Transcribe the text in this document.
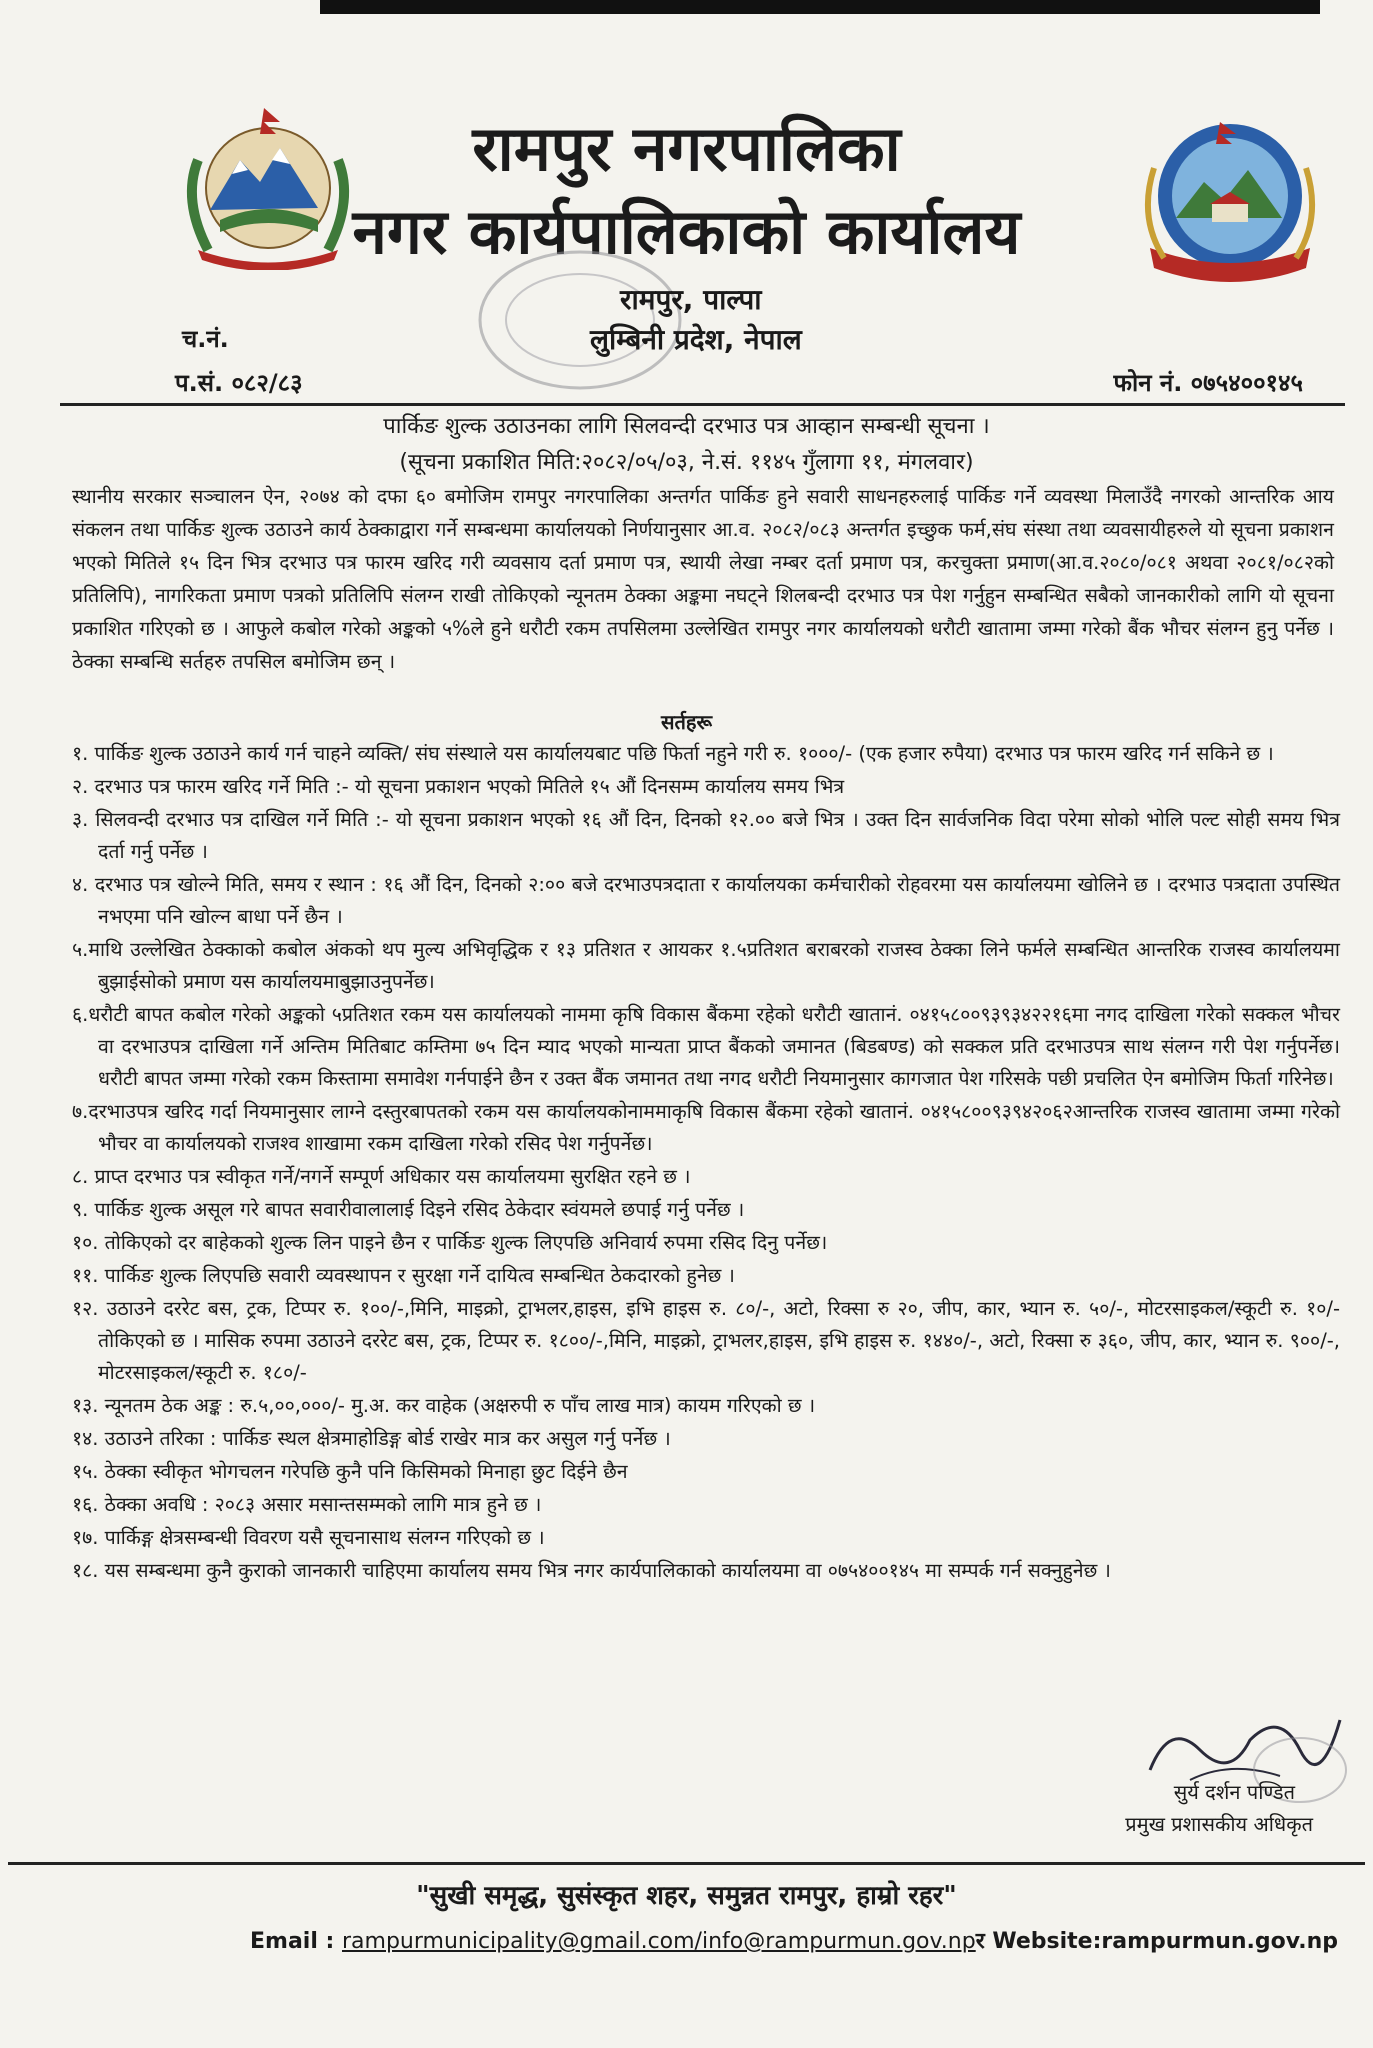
रामपुर नगरपालिका
नगर कार्यपालिकाको कार्यालय
रामपुर, पाल्पा
लुम्बिनी प्रदेश, नेपाल
च.नं.
प.सं. ०८२/८३	फोन नं. ०७५४००१४५
पार्किङ शुल्क उठाउनका लागि सिलवन्दी दरभाउ पत्र आव्हान सम्बन्धी सूचना ।
(सूचना प्रकाशित मिति:२०८२/०५/०३, ने.सं. ११४५ गुँलागा ११, मंगलवार)
स्थानीय सरकार सञ्चालन ऐन, २०७४ को दफा ६० बमोजिम रामपुर नगरपालिका अन्तर्गत पार्किङ हुने सवारी साधनहरुलाई पार्किङ गर्ने व्यवस्था मिलाउँदै नगरको आन्तरिक आय संकलन तथा पार्किङ शुल्क उठाउने कार्य ठेक्काद्वारा गर्ने सम्बन्धमा कार्यालयको निर्णयानुसार आ.व. २०८२/०८३ अन्तर्गत इच्छुक फर्म,संघ संस्था तथा व्यवसायीहरुले यो सूचना प्रकाशन भएको मितिले १५ दिन भित्र दरभाउ पत्र फारम खरिद गरी व्यवसाय दर्ता प्रमाण पत्र, स्थायी लेखा नम्बर दर्ता प्रमाण पत्र, करचुक्ता प्रमाण(आ.व.२०८०/०८१ अथवा २०८१/०८२को प्रतिलिपि), नागरिकता प्रमाण पत्रको प्रतिलिपि संलग्न राखी तोकिएको न्यूनतम ठेक्का अङ्कमा नघट्ने शिलबन्दी दरभाउ पत्र पेश गर्नुहुन सम्बन्धित सबैको जानकारीको लागि यो सूचना प्रकाशित गरिएको छ । आफुले कबोल गरेको अङ्कको ५%ले हुने धरौटी रकम तपसिलमा उल्लेखित रामपुर नगर कार्यालयको धरौटी खातामा जम्मा गरेको बैंक भौचर संलग्न हुनु पर्नेछ । ठेक्का सम्बन्धि सर्तहरु तपसिल बमोजिम छन् ।
सर्तहरू
१. पार्किङ शुल्क उठाउने कार्य गर्न चाहने व्यक्ति/ संघ संस्थाले यस कार्यालयबाट पछि फिर्ता नहुने गरी रु. १०००/- (एक हजार रुपैया) दरभाउ पत्र फारम खरिद गर्न सकिने छ ।
२. दरभाउ पत्र फारम खरिद गर्ने मिति :- यो सूचना प्रकाशन भएको मितिले १५ औं दिनसम्म कार्यालय समय भित्र
३. सिलवन्दी दरभाउ पत्र दाखिल गर्ने मिति :- यो सूचना प्रकाशन भएको १६ औं दिन, दिनको १२.०० बजे भित्र । उक्त दिन सार्वजनिक विदा परेमा सोको भोलि पल्ट सोही समय भित्र दर्ता गर्नु पर्नेछ ।
४. दरभाउ पत्र खोल्ने मिति, समय र स्थान : १६ औं दिन, दिनको २:०० बजे दरभाउपत्रदाता र कार्यालयका कर्मचारीको रोहवरमा यस कार्यालयमा खोलिने छ । दरभाउ पत्रदाता उपस्थित नभएमा पनि खोल्न बाधा पर्ने छैन ।
५.माथि उल्लेखित ठेक्काको कबोल अंकको थप मुल्य अभिवृद्धिक र १३ प्रतिशत र आयकर १.५प्रतिशत बराबरको राजस्व ठेक्का लिने फर्मले सम्बन्धित आन्तरिक राजस्व कार्यालयमा बुझाईसोको प्रमाण यस कार्यालयमाबुझाउनुपर्नेछ।
६.धरौटी बापत कबोल गरेको अङ्कको ५प्रतिशत रकम यस कार्यालयको नाममा कृषि विकास बैंकमा रहेको धरौटी खातानं. ०४१५८००९३९३४२२१६मा नगद दाखिला गरेको सक्कल भौचर वा दरभाउपत्र दाखिला गर्ने अन्तिम मितिबाट कम्तिमा ७५ दिन म्याद भएको मान्यता प्राप्त बैंकको जमानत (बिडबण्ड) को सक्कल प्रति दरभाउपत्र साथ संलग्न गरी पेश गर्नुपर्नेछ। धरौटी बापत जम्मा गरेको रकम किस्तामा समावेश गर्नपाईने छैन र उक्त बैंक जमानत तथा नगद धरौटी नियमानुसार कागजात पेश गरिसके पछी प्रचलित ऐन बमोजिम फिर्ता गरिनेछ।
७.दरभाउपत्र खरिद गर्दा नियमानुसार लाग्ने दस्तुरबापतको रकम यस कार्यालयकोनाममाकृषि विकास बैंकमा रहेको खातानं. ०४१५८००९३९४२०६२आन्तरिक राजस्व खातामा जम्मा गरेको भौचर वा कार्यालयको राजश्व शाखामा रकम दाखिला गरेको रसिद पेश गर्नुपर्नेछ।
८. प्राप्त दरभाउ पत्र स्वीकृत गर्ने/नगर्ने सम्पूर्ण अधिकार यस कार्यालयमा सुरक्षित रहने छ ।
९. पार्किङ शुल्क असूल गरे बापत सवारीवालालाई दिइने रसिद ठेकेदार स्वंयमले छपाई गर्नु पर्नेछ ।
१०. तोकिएको दर बाहेकको शुल्क लिन पाइने छैन र पार्किङ शुल्क लिएपछि अनिवार्य रुपमा रसिद दिनु पर्नेछ।
११. पार्किङ शुल्क लिएपछि सवारी व्यवस्थापन र सुरक्षा गर्ने दायित्व सम्बन्धित ठेकदारको हुनेछ ।
१२. उठाउने दररेट बस, ट्रक, टिप्पर रु. १००/-,मिनि, माइक्रो, ट्राभलर,हाइस, इभि हाइस रु. ८०/-, अटो, रिक्सा रु २०, जीप, कार, भ्यान रु. ५०/-, मोटरसाइकल/स्कूटी रु. १०/-तोकिएको छ । मासिक रुपमा उठाउने दररेट बस, ट्रक, टिप्पर रु. १८००/-,मिनि, माइक्रो, ट्राभलर,हाइस, इभि हाइस रु. १४४०/-, अटो, रिक्सा रु ३६०, जीप, कार, भ्यान रु. ९००/-, मोटरसाइकल/स्कूटी रु. १८०/-
१३. न्यूनतम ठेक अङ्क : रु.५,००,०००/- मु.अ. कर वाहेक (अक्षरुपी रु पाँच लाख मात्र) कायम गरिएको छ ।
१४. उठाउने तरिका : पार्किङ स्थल क्षेत्रमाहोडिङ्ग बोर्ड राखेर मात्र कर असुल गर्नु पर्नेछ ।
१५. ठेक्का स्वीकृत भोगचलन गरेपछि कुनै पनि किसिमको मिनाहा छुट दिईने छैन
१६. ठेक्का अवधि : २०८३ असार मसान्तसम्मको लागि मात्र हुने छ ।
१७. पार्किङ्ग क्षेत्रसम्बन्धी विवरण यसै सूचनासाथ संलग्न गरिएको छ ।
१८. यस सम्बन्धमा कुनै कुराको जानकारी चाहिएमा कार्यालय समय भित्र नगर कार्यपालिकाको कार्यालयमा वा ०७५४००१४५ मा सम्पर्क गर्न सक्नुहुनेछ ।
सुर्य दर्शन पण्डित
प्रमुख प्रशासकीय अधिकृत
"सुखी समृद्ध, सुसंस्कृत शहर, समुन्नत रामपुर, हाम्रो रहर"
Email : rampurmunicipality@gmail.com/info@rampurmun.gov.npर Website:rampurmun.gov.np
